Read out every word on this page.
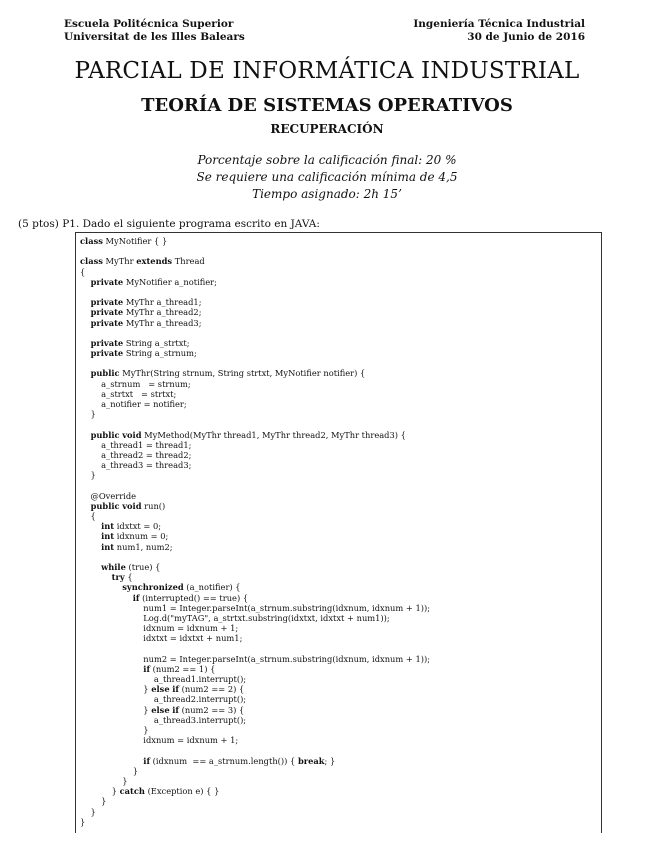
Escuela Politécnica Superior
Universitat de les Illes Balears
Ingeniería Técnica Industrial
30 de Junio de 2016
PARCIAL DE INFORMÁTICA INDUSTRIAL
TEORÍA DE SISTEMAS OPERATIVOS
RECUPERACIÓN
Porcentaje sobre la calificación final: 20 %
Se requiere una calificación mínima de 4,5
Tiempo asignado: 2h 15’
(5 ptos) P1. Dado el siguiente programa escrito en JAVA:
class MyNotifier { }

class MyThr extends Thread
{
private MyNotifier a_notifier;

private MyThr a_thread1;
private MyThr a_thread2;
private MyThr a_thread3;

private String a_strtxt;
private String a_strnum;

public MyThr(String strnum, String strtxt, MyNotifier notifier) {
a_strnum   = strnum;
a_strtxt   = strtxt;
a_notifier = notifier;
}

public void MyMethod(MyThr thread1, MyThr thread2, MyThr thread3) {
a_thread1 = thread1;
a_thread2 = thread2;
a_thread3 = thread3;
}

@Override
public void run()
{
int idxtxt = 0;
int idxnum = 0;
int num1, num2;

while (true) {
try {
synchronized (a_notifier) {
if (interrupted() == true) {
num1 = Integer.parseInt(a_strnum.substring(idxnum, idxnum + 1));
Log.d("myTAG", a_strtxt.substring(idxtxt, idxtxt + num1));
idxnum = idxnum + 1;
idxtxt = idxtxt + num1;

num2 = Integer.parseInt(a_strnum.substring(idxnum, idxnum + 1));
if (num2 == 1) {
a_thread1.interrupt();
} else if (num2 == 2) {
a_thread2.interrupt();
} else if (num2 == 3) {
a_thread3.interrupt();
}
idxnum = idxnum + 1;

if (idxnum  == a_strnum.length()) { break; }
}
}
} catch (Exception e) { }
}
}
}
